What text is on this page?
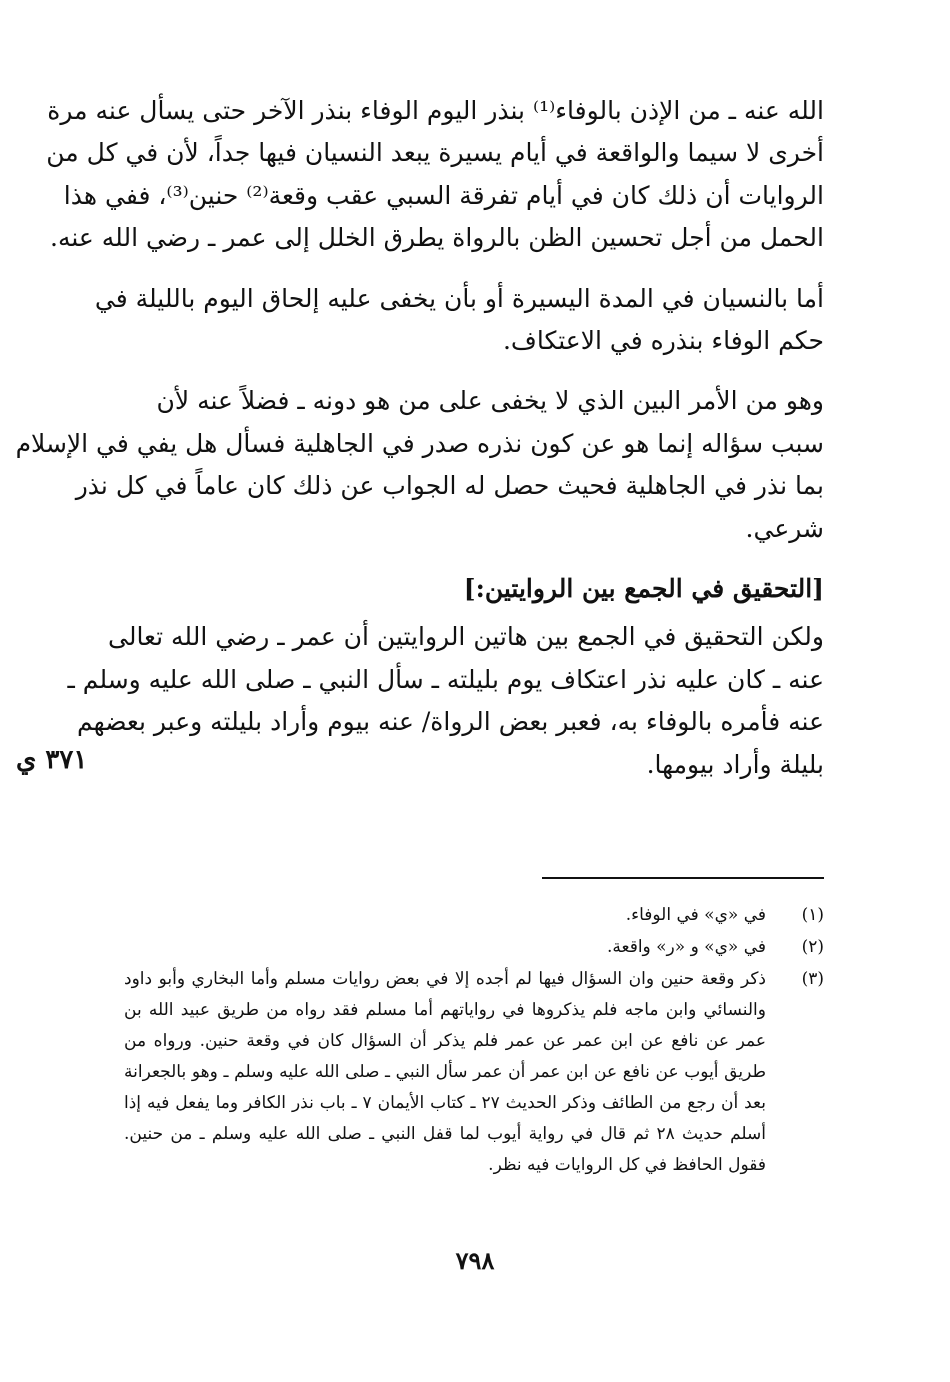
الله عنه ـ من الإذن بالوفاء⁽¹⁾ بنذر اليوم الوفاء بنذر الآخر حتى يسأل عنه مرة
أخرى لا سيما والواقعة في أيام يسيرة يبعد النسيان فيها جداً، لأن في كل من
الروايات أن ذلك كان في أيام تفرقة السبي عقب وقعة⁽²⁾ حنين⁽³⁾، ففي هذا
الحمل من أجل تحسين الظن بالرواة يطرق الخلل إلى عمر ـ رضي الله عنه.

أما بالنسيان في المدة اليسيرة أو بأن يخفى عليه إلحاق اليوم بالليلة في
حكم الوفاء بنذره في الاعتكاف.

وهو من الأمر البين الذي لا يخفى على من هو دونه ـ فضلاً عنه لأن
سبب سؤاله إنما هو عن كون نذره صدر في الجاهلية فسأل هل يفي في الإسلام
بما نذر في الجاهلية فحيث حصل له الجواب عن ذلك كان عاماً في كل نذر
شرعي.

[التحقيق في الجمع بين الروايتين:]

ولكن التحقيق في الجمع بين هاتين الروايتين أن عمر ـ رضي الله تعالى
عنه ـ كان عليه نذر اعتكاف يوم بليلته ـ سأل النبي ـ صلى الله عليه وسلم ـ
عنه فأمره بالوفاء به، فعبر بعض الرواة/ عنه بيوم وأراد بليلته وعبر بعضهم
بليلة وأراد بيومها.

٣٧١ ي
(١)
في «ي» في الوفاء.
(٢)
في «ي» و «ر» واقعة.
(٣)
ذكر وقعة حنين وان السؤال فيها لم أجده إلا في بعض روايات مسلم وأما البخاري وأبو داود والنسائي وابن ماجه فلم يذكروها في رواياتهم أما مسلم فقد رواه من طريق عبيد الله بن عمر عن نافع عن ابن عمر عن عمر فلم يذكر أن السؤال كان في وقعة حنين. ورواه من طريق أيوب عن نافع عن ابن عمر أن عمر سأل النبي ـ صلى الله عليه وسلم ـ وهو بالجعرانة بعد أن رجع من الطائف وذكر الحديث ٢٧ ـ كتاب الأيمان ٧ ـ باب نذر الكافر وما يفعل فيه إذا أسلم حديث ٢٨ ثم قال في رواية أيوب لما قفل النبي ـ صلى الله عليه وسلم ـ من حنين. فقول الحافظ في كل الروايات فيه نظر.
٧٩٨
